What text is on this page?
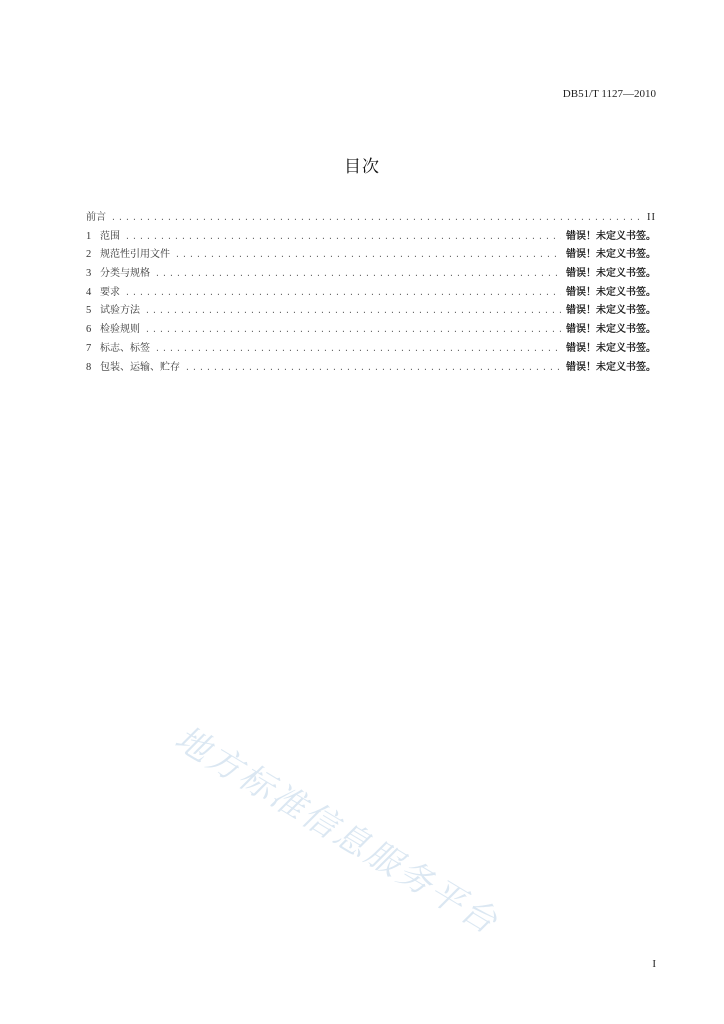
DB51/T 1127—2010
目次
前言 .....	II
1 范围 .....	错误！未定义书签。
2 规范性引用文件 .....	错误！未定义书签。
3 分类与规格 .....	错误！未定义书签。
4 要求 .....	错误！未定义书签。
5 试验方法 .....	错误！未定义书签。
6 检验规则 .....	错误！未定义书签。
7 标志、标签 .....	错误！未定义书签。
8 包装、运输、贮存 .....	错误！未定义书签。
地方标准信息服务平台
I
